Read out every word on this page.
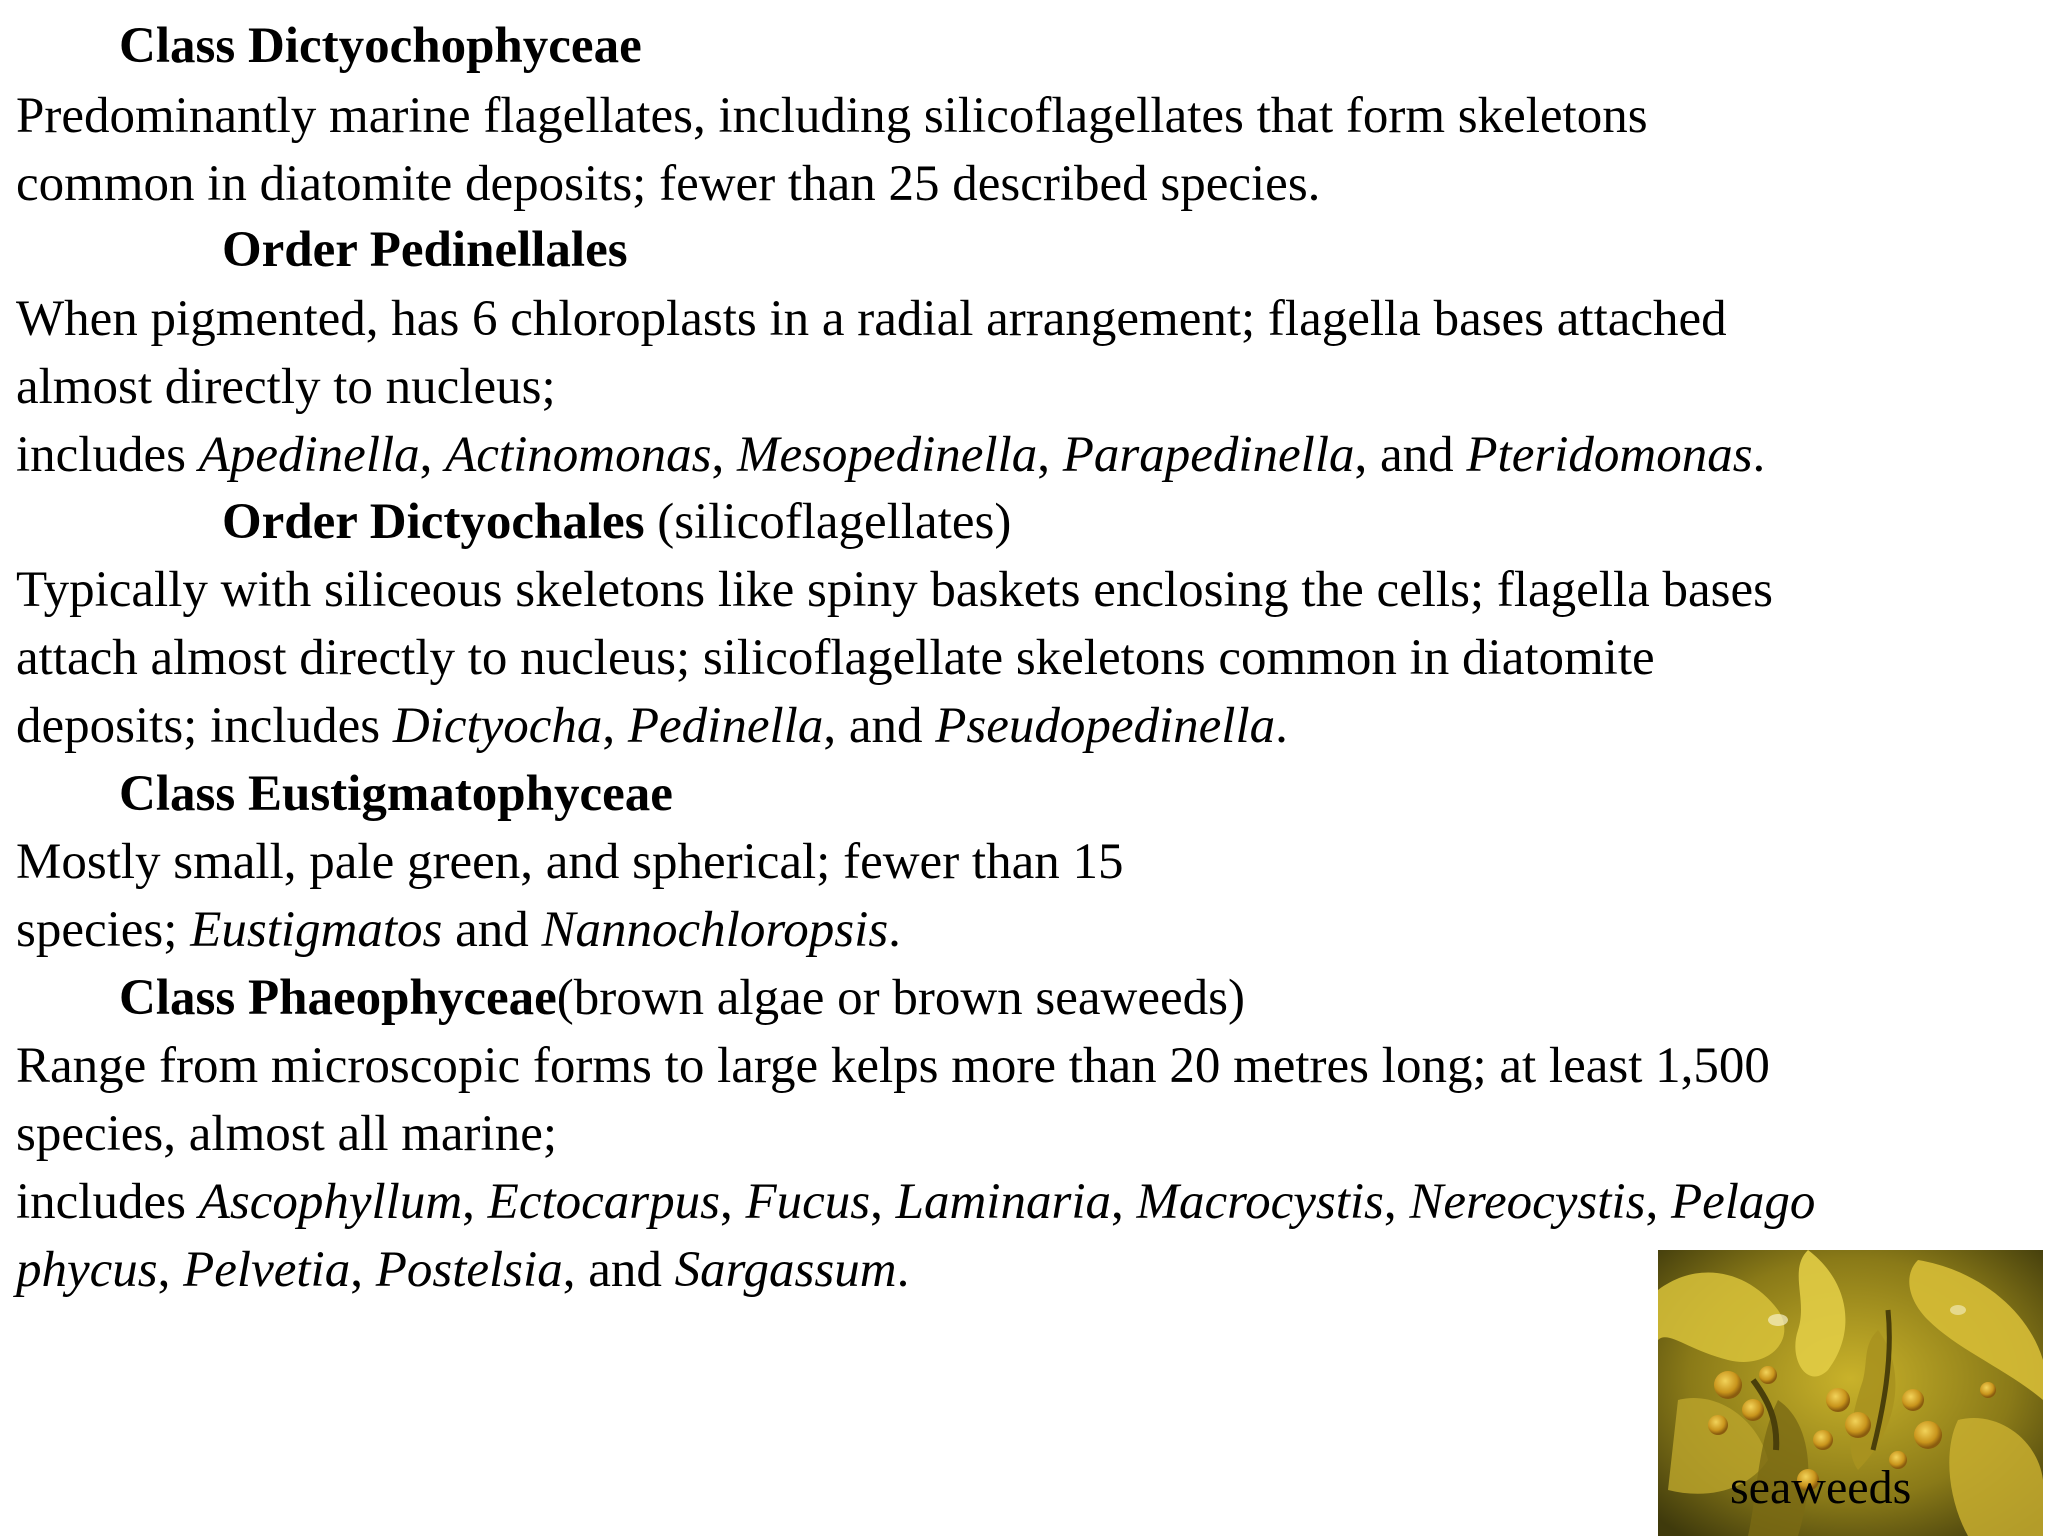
Class Dictyochophyceae
Predominantly marine flagellates, including silicoflagellates that form skeletons
common in diatomite deposits; fewer than 25 described species.
Order Pedinellales
When pigmented, has 6 chloroplasts in a radial arrangement; flagella bases attached
almost directly to nucleus;
includes Apedinella, Actinomonas, Mesopedinella, Parapedinella, and Pteridomonas.
Order Dictyochales (silicoflagellates)
Typically with siliceous skeletons like spiny baskets enclosing the cells; flagella bases
attach almost directly to nucleus; silicoflagellate skeletons common in diatomite
deposits; includes Dictyocha, Pedinella, and Pseudopedinella.
Class Eustigmatophyceae
Mostly small, pale green, and spherical; fewer than 15
species; Eustigmatos and Nannochloropsis.
Class Phaeophyceae(brown algae or brown seaweeds)
Range from microscopic forms to large kelps more than 20 metres long; at least 1,500
species, almost all marine;
includes Ascophyllum, Ectocarpus, Fucus, Laminaria, Macrocystis, Nereocystis, Pelago
phycus, Pelvetia, Postelsia, and Sargassum.
seaweeds
